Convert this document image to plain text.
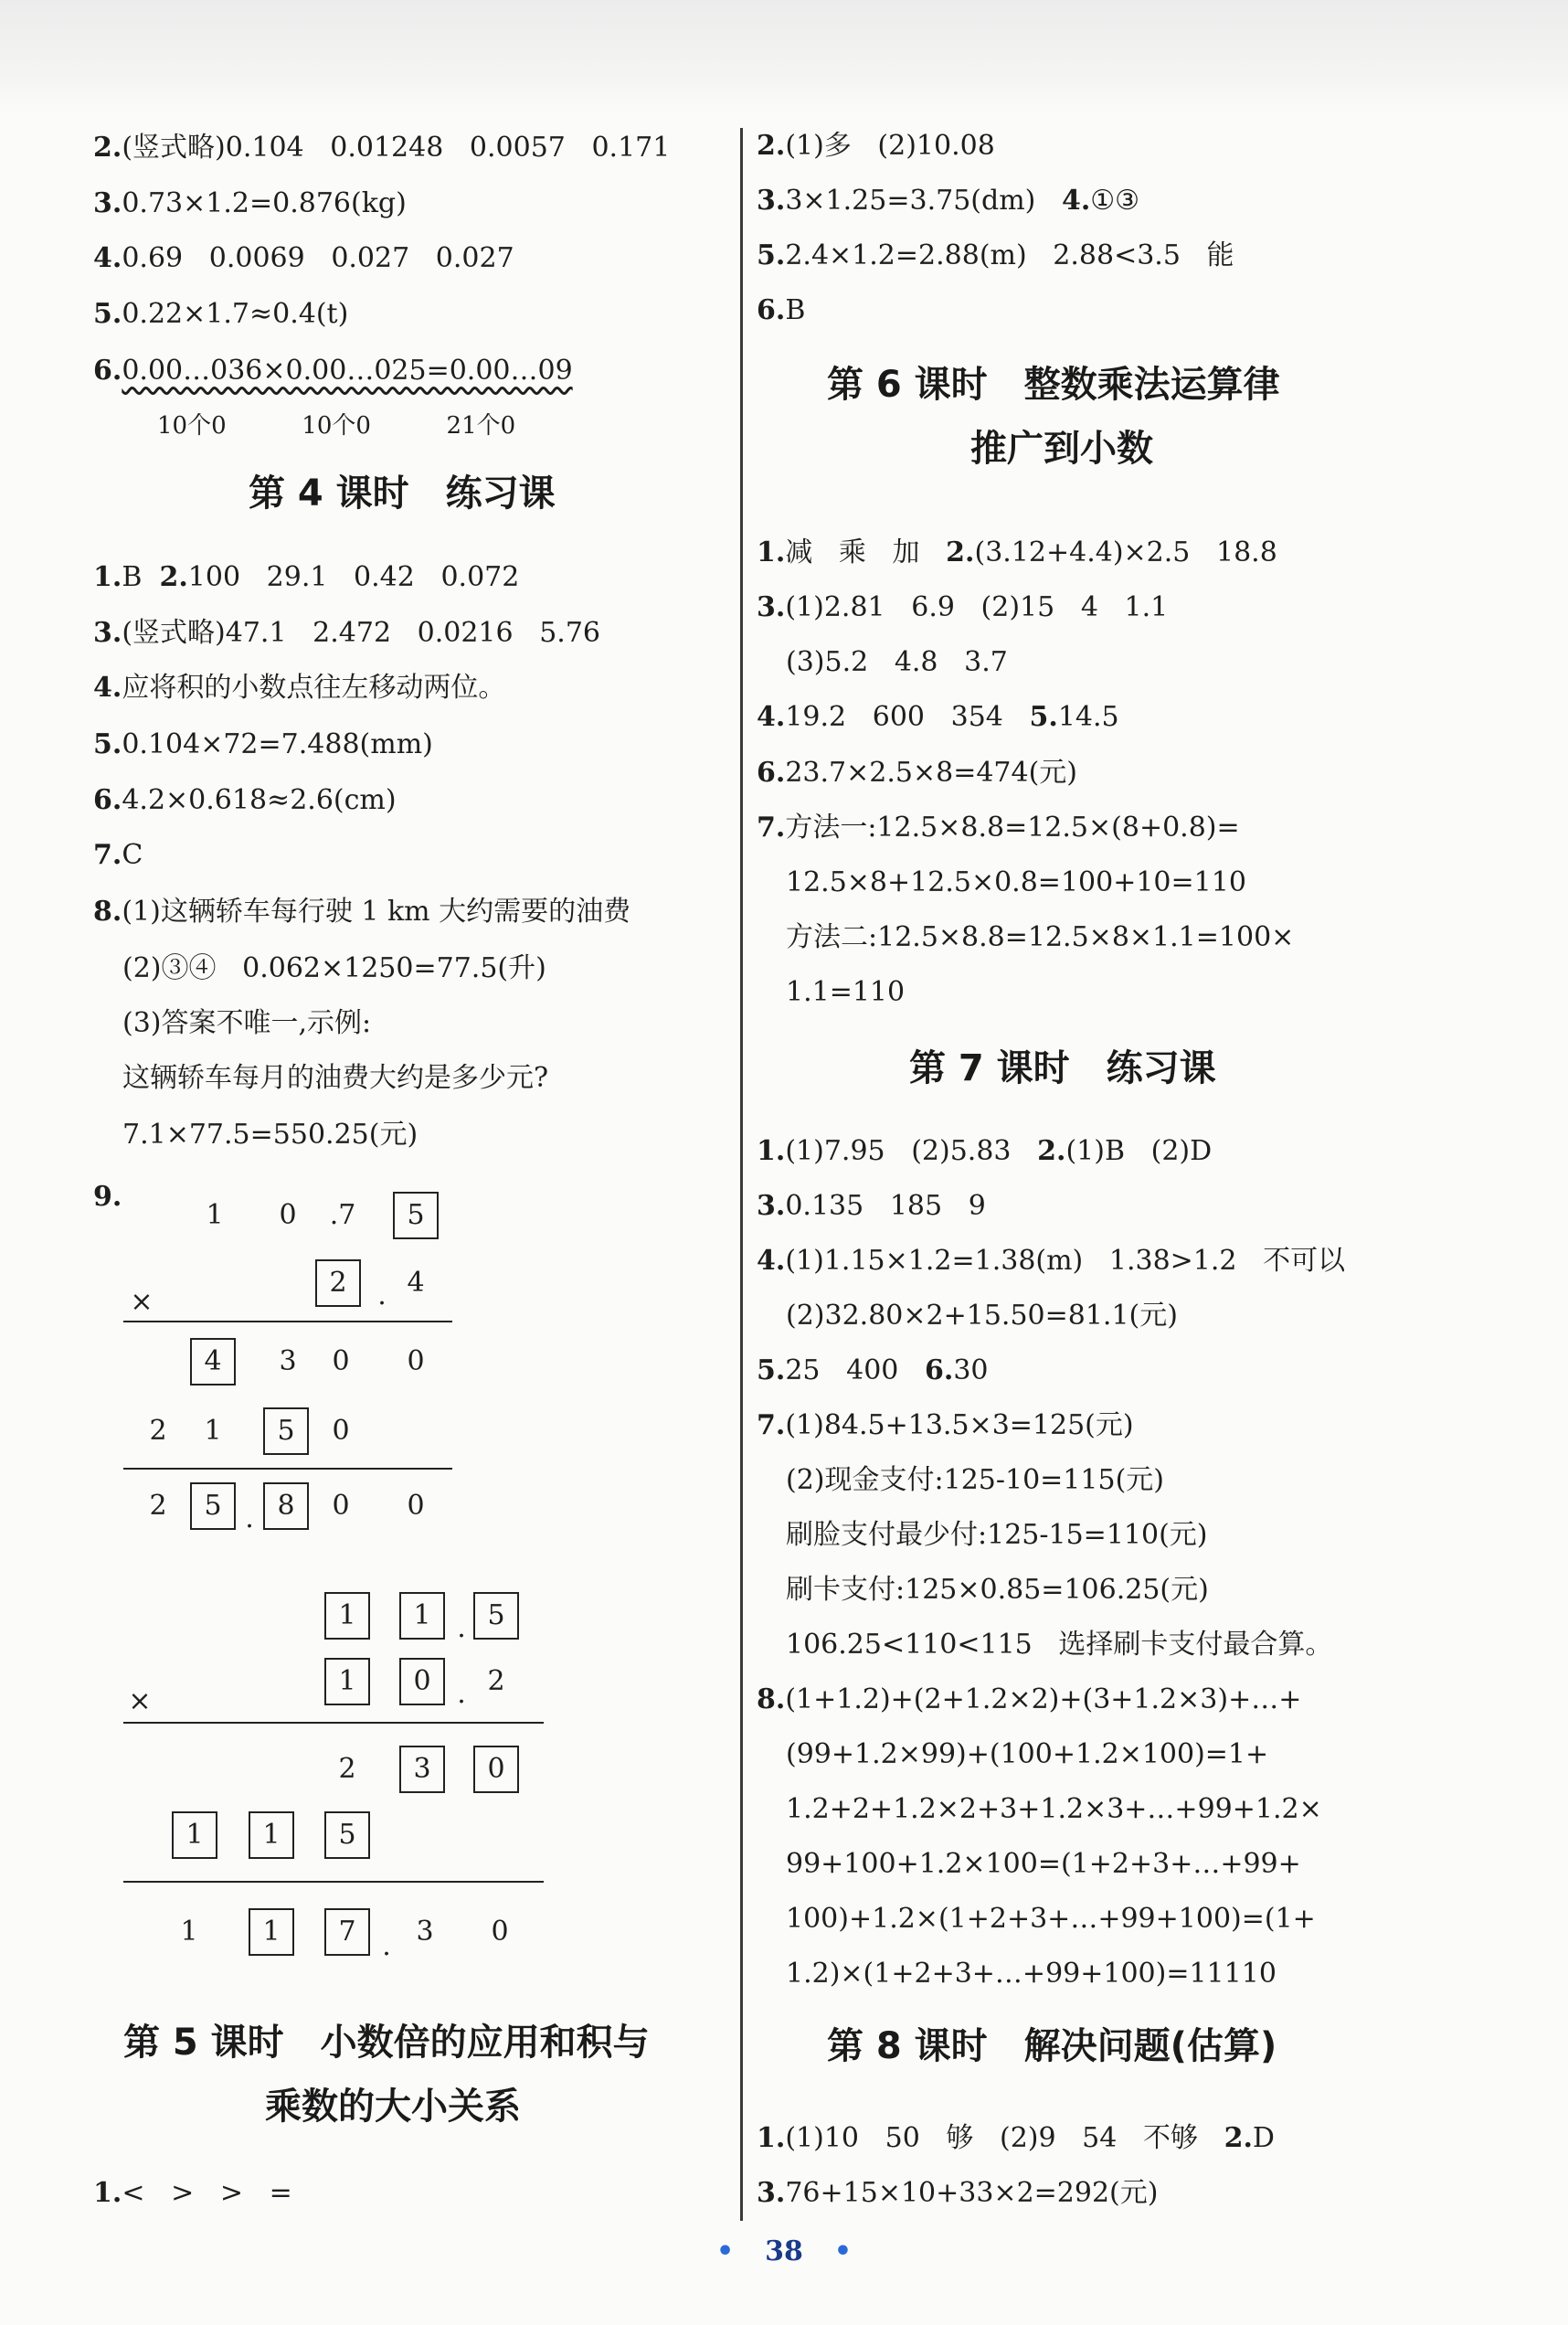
2.(竖式略)0.104   0.01248   0.0057   0.171
3.0.73×1.2=0.876(kg)
4.0.69   0.0069   0.027   0.027
5.0.22×1.7≈0.4(t)
6.0.00…036×0.00…025=0.00…09
10个0          10个0          21个0
1.B  2.100   29.1   0.42   0.072
3.(竖式略)47.1   2.472   0.0216   5.76
4.应将积的小数点往左移动两位。
5.0.104×72=7.488(mm)
6.4.2×0.618≈2.6(cm)
7.C
8.(1)这辆轿车每行驶 1 km 大约需要的油费
(2)③④   0.062×1250=77.5(升)
(3)答案不唯一,示例:
这辆轿车每月的油费大约是多少元?
7.1×77.5=550.25(元)
1.<   >   >   =
2.(1)多   (2)10.08
3.3×1.25=3.75(dm)   4.①③
5.2.4×1.2=2.88(m)   2.88<3.5   能
6.B
1.减   乘   加   2.(3.12+4.4)×2.5   18.8
3.(1)2.81   6.9   (2)15   4   1.1
(3)5.2   4.8   3.7
4.19.2   600   354   5.14.5
6.23.7×2.5×8=474(元)
7.方法一:12.5×8.8=12.5×(8+0.8)=
12.5×8+12.5×0.8=100+10=110
方法二:12.5×8.8=12.5×8×1.1=100×
1.1=110
1.(1)7.95   (2)5.83   2.(1)B   (2)D
3.0.135   185   9
4.(1)1.15×1.2=1.38(m)   1.38>1.2   不可以
(2)32.80×2+15.50=81.1(元)
5.25   400   6.30
7.(1)84.5+13.5×3=125(元)
(2)现金支付:125-10=115(元)
刷脸支付最少付:125-15=110(元)
刷卡支付:125×0.85=106.25(元)
106.25<110<115   选择刷卡支付最合算。
8.(1+1.2)+(2+1.2×2)+(3+1.2×3)+…+
(99+1.2×99)+(100+1.2×100)=1+
1.2+2+1.2×2+3+1.2×3+…+99+1.2×
99+100+1.2×100=(1+2+3+…+99+
100)+1.2×(1+2+3+…+99+100)=(1+
1.2)×(1+2+3+…+99+100)=11110
1.(1)10   50   够   (2)9   54   不够   2.D
3.76+15×10+33×2=292(元)
第 4 课时　练习课
第 5 课时　小数倍的应用和积与
乘数的大小关系
第 6 课时　整数乘法运算律
推广到小数
第 7 课时　练习课
第 8 课时　解决问题(估算)
9.
1	0	.7	5
×
2	. 4
4	3	0	0
2	1	5	0
2	5 . 8	0	0
1	1 . 5
×
1	0 . 2
2	3	0
1	1	5
1	1	7 . 3	0
• 38 •
